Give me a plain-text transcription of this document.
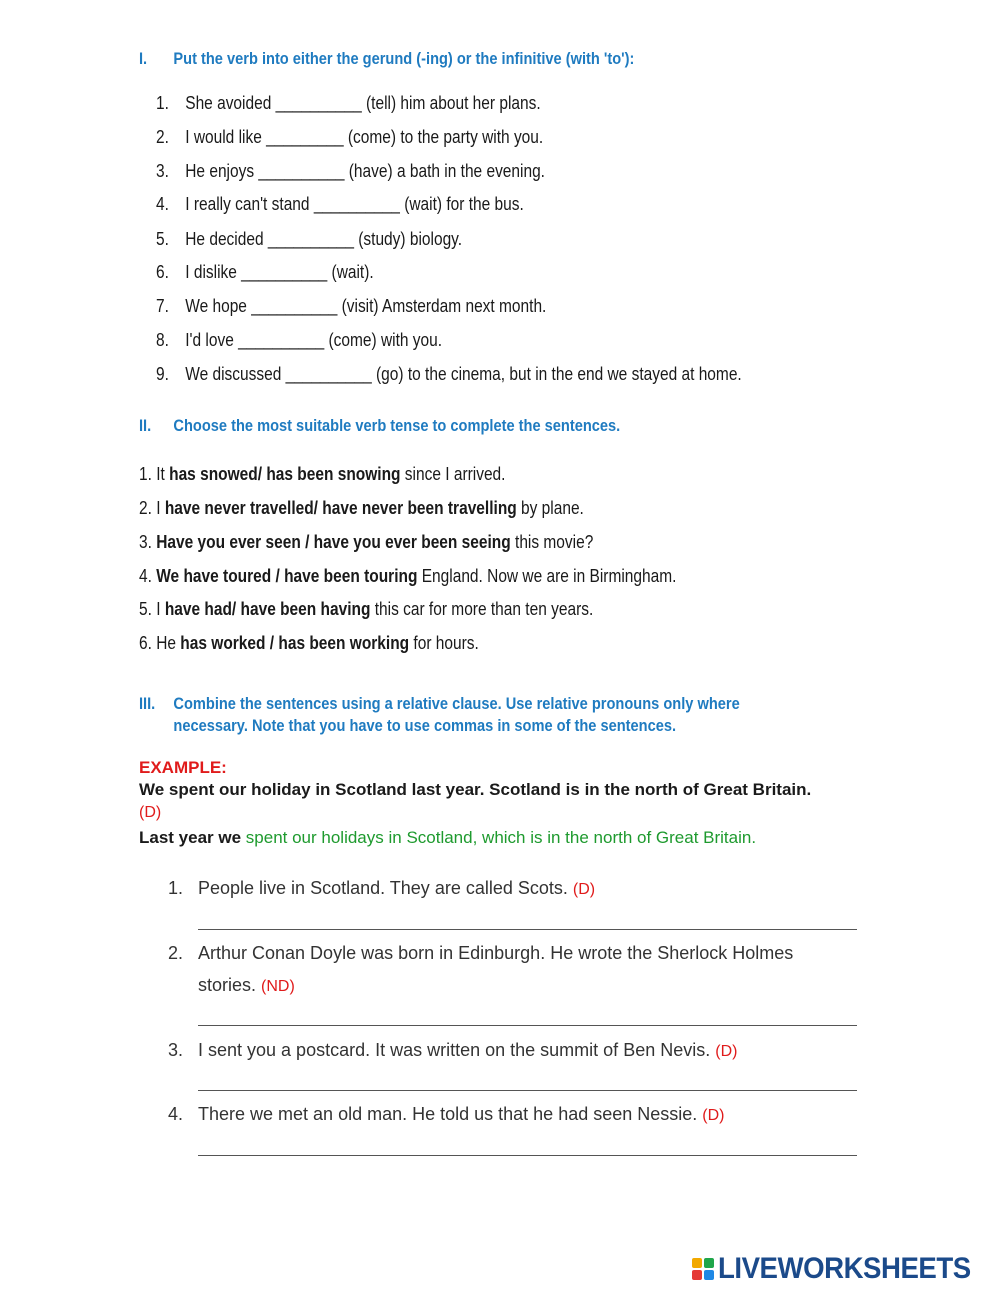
I. Put the verb into either the gerund (-ing) or the infinitive (with 'to'):
1. She avoided __________ (tell) him about her plans.
2. I would like _________ (come) to the party with you.
3. He enjoys __________ (have) a bath in the evening.
4. I really can't stand __________ (wait) for the bus.
5. He decided __________ (study) biology.
6. I dislike __________ (wait).
7. We hope __________ (visit) Amsterdam next month.
8. I'd love __________ (come) with you.
9. We discussed __________ (go) to the cinema, but in the end we stayed at home.
II. Choose the most suitable verb tense to complete the sentences.
1. It has snowed/ has been snowing since I arrived.
2. I have never travelled/ have never been travelling by plane.
3. Have you ever seen / have you ever been seeing this movie?
4. We have toured / have been touring England. Now we are in Birmingham.
5. I have had/ have been having this car for more than ten years.
6. He has worked / has been working for hours.
III. Combine the sentences using a relative clause. Use relative pronouns only where
necessary. Note that you have to use commas in some of the sentences.
EXAMPLE:
We spent our holiday in Scotland last year. Scotland is in the north of Great Britain.
(D)
Last year we spent our holidays in Scotland, which is in the north of Great Britain.
1. People live in Scotland. They are called Scots. (D)
2. Arthur Conan Doyle was born in Edinburgh. He wrote the Sherlock Holmes stories. (ND)
3. I sent you a postcard. It was written on the summit of Ben Nevis. (D)
4. There we met an old man. He told us that he had seen Nessie. (D)
LIVEWORKSHEETS
